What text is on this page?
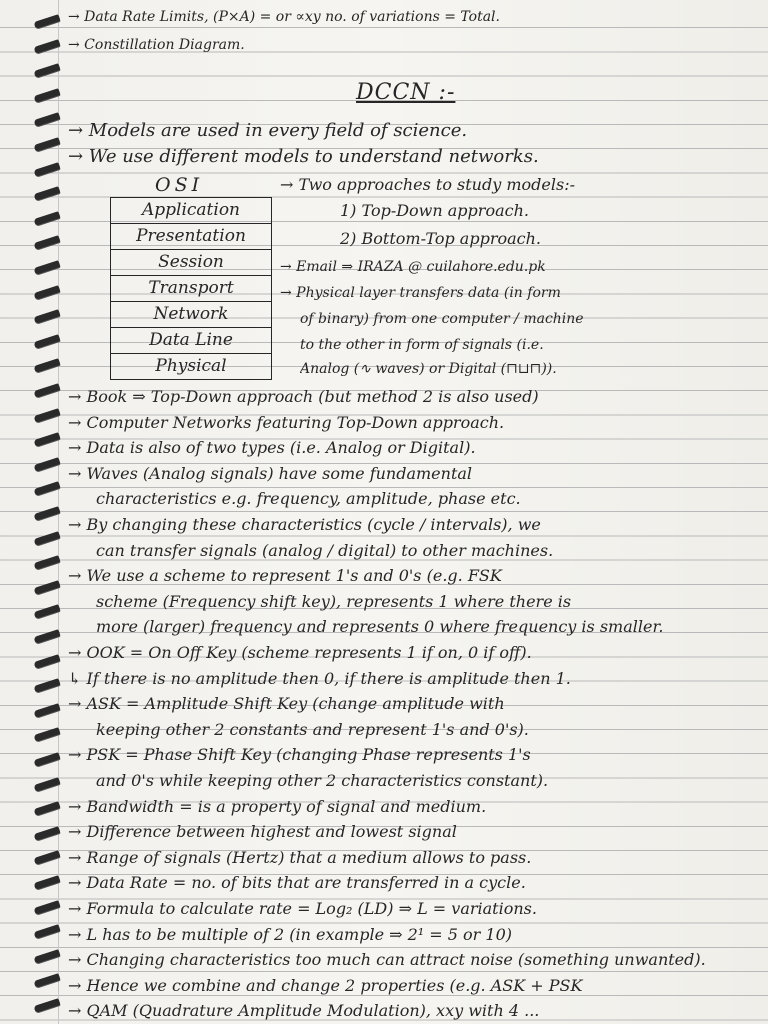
→ Data Rate Limits, (P×A) = or ∝xy no. of variations = Total.
→ Constillation Diagram.
DCCN :-
→ Models are used in every field of science.
→ We use different models to understand networks.
OSI
Application
Presentation
Session
Transport
Network
Data Line
Physical
→ Two approaches to study models:-
1) Top-Down approach.
2) Bottom-Top approach.
→ Email ⇒ IRAZA @ cuilahore.edu.pk
→ Physical layer transfers data (in form
of binary) from one computer / machine
to the other in form of signals (i.e.
Analog (∿ waves) or Digital (⊓⊔⊓)).
→ Book ⇒ Top-Down approach (but method 2 is also used)
→ Computer Networks featuring Top-Down approach.
→ Data is also of two types (i.e. Analog or Digital).
→ Waves (Analog signals) have some fundamental
characteristics e.g. frequency, amplitude, phase etc.
→ By changing these characteristics (cycle / intervals), we
can transfer signals (analog / digital) to other machines.
→ We use a scheme to represent 1's and 0's (e.g. FSK
scheme (Frequency shift key), represents 1 where there is
more (larger) frequency and represents 0 where frequency is smaller.
→ OOK = On Off Key (scheme represents 1 if on, 0 if off).
↳ If there is no amplitude then 0, if there is amplitude then 1.
→ ASK = Amplitude Shift Key (change amplitude with
keeping other 2 constants and represent 1's and 0's).
→ PSK = Phase Shift Key (changing Phase represents 1's
and 0's while keeping other 2 characteristics constant).
→ Bandwidth = is a property of signal and medium.
→ Difference between highest and lowest signal
→ Range of signals (Hertz) that a medium allows to pass.
→ Data Rate = no. of bits that are transferred in a cycle.
→ Formula to calculate rate = Log₂ (LD) ⇒ L = variations.
→ L has to be multiple of 2 (in example ⇒ 2¹ = 5 or 10)
→ Changing characteristics too much can attract noise (something unwanted).
→ Hence we combine and change 2 properties (e.g. ASK + PSK
→ QAM (Quadrature Amplitude Modulation), xxy with 4 ...
